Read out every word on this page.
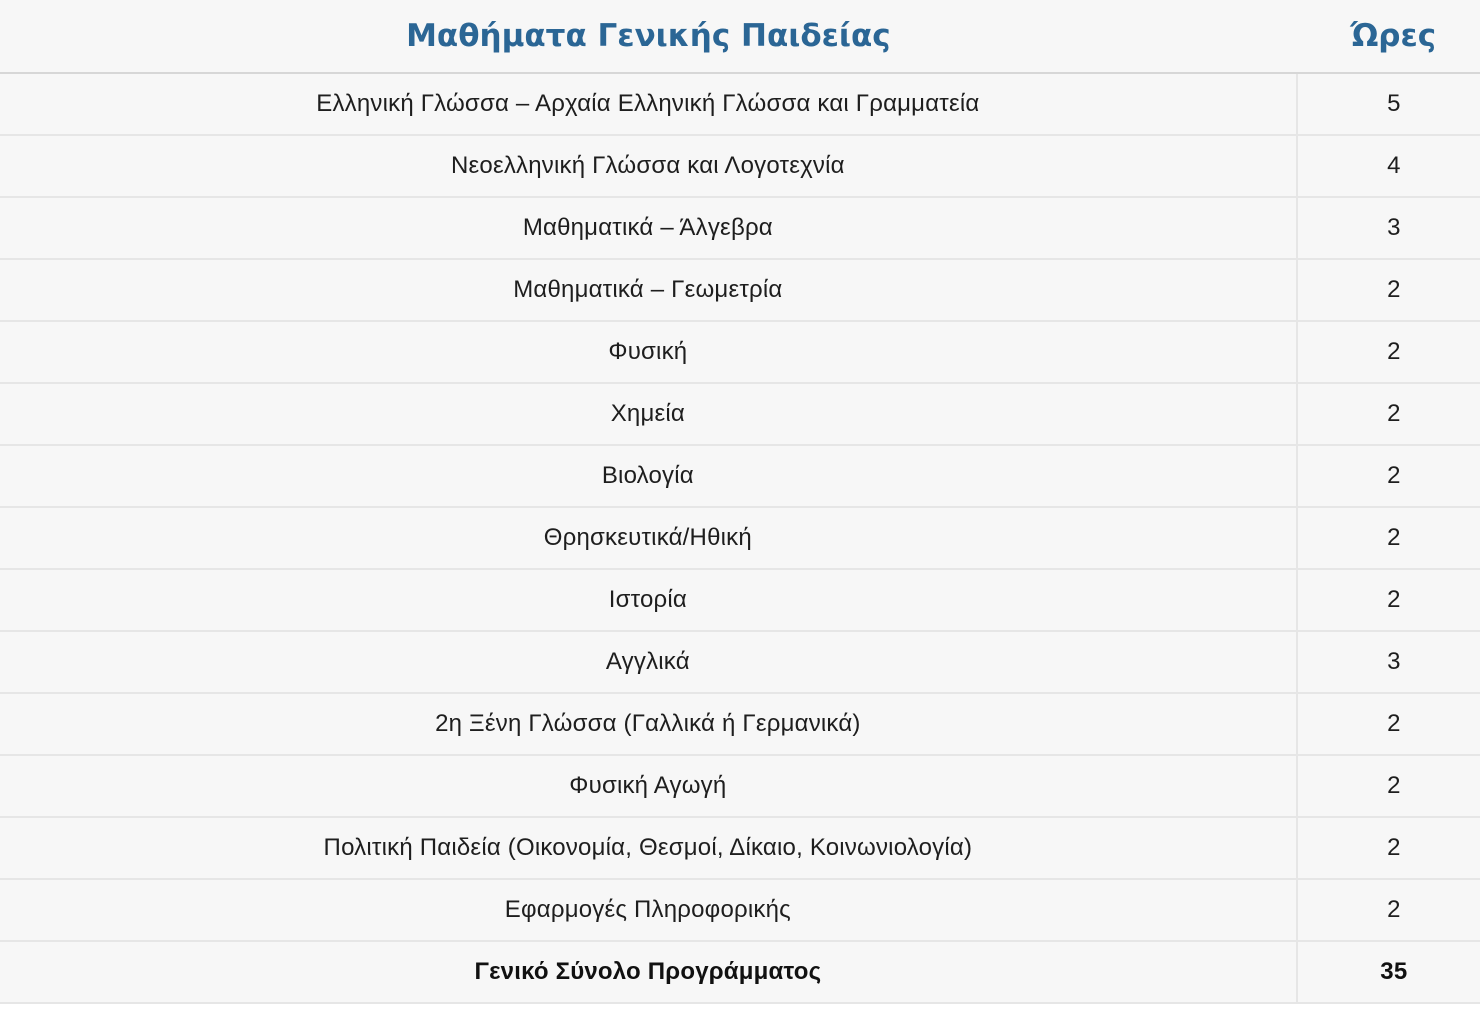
Μαθήματα Γενικής Παιδείας	Ώρες
Ελληνική Γλώσσα – Αρχαία Ελληνική Γλώσσα και Γραμματεία	5
Νεοελληνική Γλώσσα και Λογοτεχνία	4
Μαθηματικά – Άλγεβρα	3
Μαθηματικά – Γεωμετρία	2
Φυσική	2
Χημεία	2
Βιολογία	2
Θρησκευτικά/Ηθική	2
Ιστορία	2
Αγγλικά	3
2η Ξένη Γλώσσα (Γαλλικά ή Γερμανικά)	2
Φυσική Αγωγή	2
Πολιτική Παιδεία (Οικονομία, Θεσμοί, Δίκαιο, Κοινωνιολογία)	2
Εφαρμογές Πληροφορικής	2
Γενικό Σύνολο Προγράμματος	35
